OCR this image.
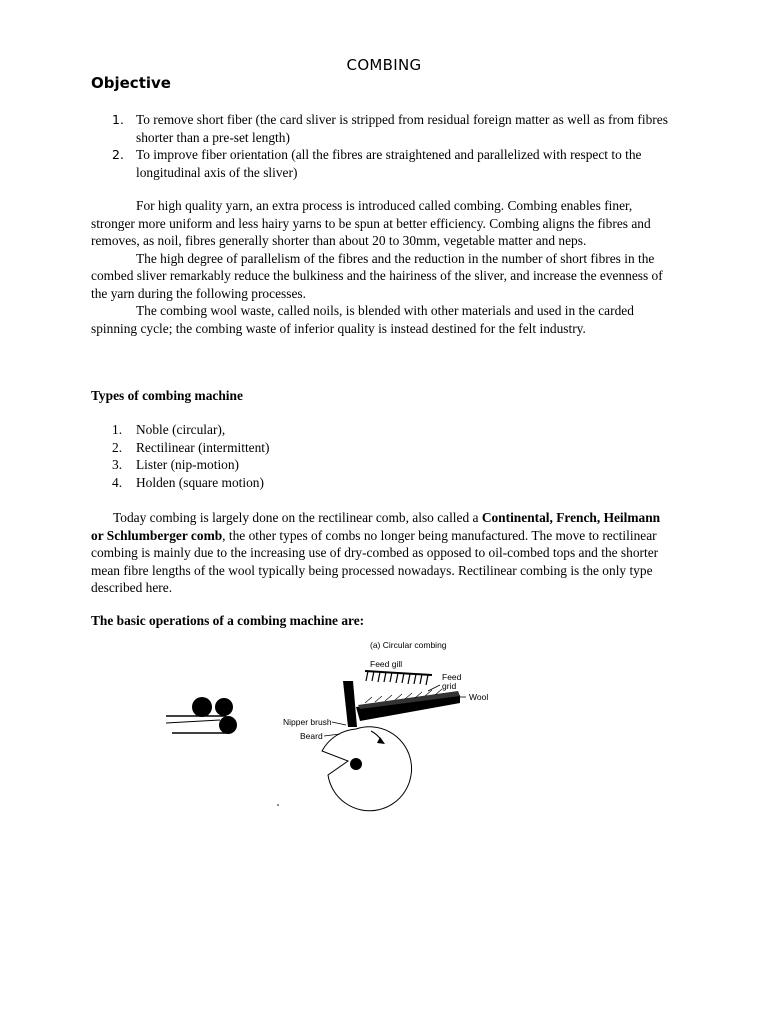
COMBING
Objective
1. To remove short fiber (the card sliver is stripped from residual foreign matter as well as from fibres shorter than a pre-set length)
2. To improve fiber orientation (all the fibres are straightened and parallelized with respect to the longitudinal axis of the sliver)

For high quality yarn, an extra process is introduced called combing. Combing enables finer, stronger more uniform and less hairy yarns to be spun at better efficiency. Combing aligns the fibres and removes, as noil, fibres generally shorter than about 20 to 30mm, vegetable matter and neps.

The high degree of parallelism of the fibres and the reduction in the number of short fibres in the combed sliver remarkably reduce the bulkiness and the hairiness of the sliver, and increase the evenness of the yarn during the following processes.

The combing wool waste, called noils, is blended with other materials and used in the carded spinning cycle; the combing waste of inferior quality is instead destined for the felt industry.

Types of combing machine
1.	Noble (circular),
2.	Rectilinear (intermittent)
3.	Lister (nip-motion)
4.	Holden (square motion)

Today combing is largely done on the rectilinear comb, also called a Continental, French, Heilmann or Schlumberger comb, the other types of combs no longer being manufactured. The move to rectilinear combing is mainly due to the increasing use of dry-combed as opposed to oil-combed tops and the shorter mean fibre lengths of the wool typically being processed nowadays. Rectilinear combing is the only type described here.

The basic operations of a combing machine are:
(a) Circular combing
Feed gill
Feed grid
Wool
Nipper brush
Beard
